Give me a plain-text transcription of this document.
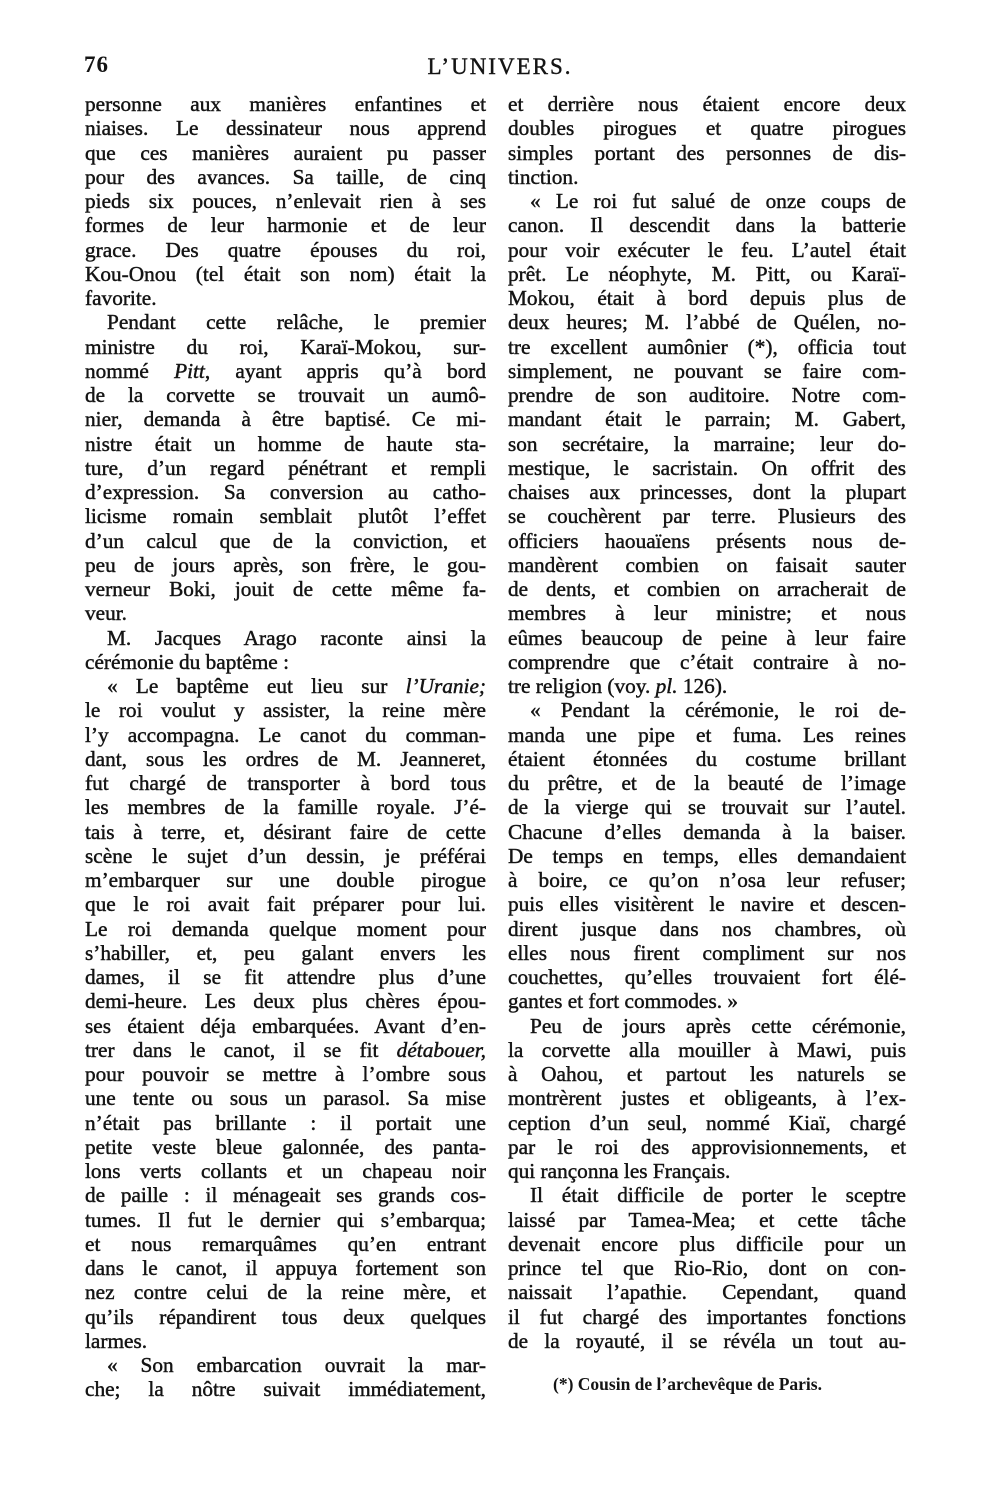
76	L’UNIVERS.
personne aux manières enfantines et
niaises. Le dessinateur nous apprend
que ces manières auraient pu passer
pour des avances. Sa taille, de cinq
pieds six pouces, n’enlevait rien à ses
formes de leur harmonie et de leur
grace. Des quatre épouses du roi,
Kou-Onou (tel était son nom) était la
favorite.
Pendant cette relâche, le premier
ministre du roi, Karaï-Mokou, sur-
nommé Pitt, ayant appris qu’à bord
de la corvette se trouvait un aumô-
nier, demanda à être baptisé. Ce mi-
nistre était un homme de haute sta-
ture, d’un regard pénétrant et rempli
d’expression. Sa conversion au catho-
licisme romain semblait plutôt l’effet
d’un calcul que de la conviction, et
peu de jours après, son frère, le gou-
verneur Boki, jouit de cette même fa-
veur.
M. Jacques Arago raconte ainsi la
cérémonie du baptême :
« Le baptême eut lieu sur l’Uranie;
le roi voulut y assister, la reine mère
l’y accompagna. Le canot du comman-
dant, sous les ordres de M. Jeanneret,
fut chargé de transporter à bord tous
les membres de la famille royale. J’é-
tais à terre, et, désirant faire de cette
scène le sujet d’un dessin, je préférai
m’embarquer sur une double pirogue
que le roi avait fait préparer pour lui.
Le roi demanda quelque moment pour
s’habiller, et, peu galant envers les
dames, il se fit attendre plus d’une
demi-heure. Les deux plus chères épou-
ses étaient déja embarquées. Avant d’en-
trer dans le canot, il se fit détabouer,
pour pouvoir se mettre à l’ombre sous
une tente ou sous un parasol. Sa mise
n’était pas brillante : il portait une
petite veste bleue galonnée, des panta-
lons verts collants et un chapeau noir
de paille : il ménageait ses grands cos-
tumes. Il fut le dernier qui s’embarqua;
et nous remarquâmes qu’en entrant
dans le canot, il appuya fortement son
nez contre celui de la reine mère, et
qu’ils répandirent tous deux quelques
larmes.
« Son embarcation ouvrait la mar-
che; la nôtre suivait immédiatement,
et derrière nous étaient encore deux
doubles pirogues et quatre pirogues
simples portant des personnes de dis-
tinction.
« Le roi fut salué de onze coups de
canon. Il descendit dans la batterie
pour voir exécuter le feu. L’autel était
prêt. Le néophyte, M. Pitt, ou Karaï-
Mokou, était à bord depuis plus de
deux heures; M. l’abbé de Quélen, no-
tre excellent aumônier (*), officia tout
simplement, ne pouvant se faire com-
prendre de son auditoire. Notre com-
mandant était le parrain; M. Gabert,
son secrétaire, la marraine; leur do-
mestique, le sacristain. On offrit des
chaises aux princesses, dont la plupart
se couchèrent par terre. Plusieurs des
officiers haouaïens présents nous de-
mandèrent combien on faisait sauter
de dents, et combien on arracherait de
membres à leur ministre; et nous
eûmes beaucoup de peine à leur faire
comprendre que c’était contraire à no-
tre religion (voy. pl. 126).
« Pendant la cérémonie, le roi de-
manda une pipe et fuma. Les reines
étaient étonnées du costume brillant
du prêtre, et de la beauté de l’image
de la vierge qui se trouvait sur l’autel.
Chacune d’elles demanda à la baiser.
De temps en temps, elles demandaient
à boire, ce qu’on n’osa leur refuser;
puis elles visitèrent le navire et descen-
dirent jusque dans nos chambres, où
elles nous firent compliment sur nos
couchettes, qu’elles trouvaient fort élé-
gantes et fort commodes. »
Peu de jours après cette cérémonie,
la corvette alla mouiller à Mawi, puis
à Oahou, et partout les naturels se
montrèrent justes et obligeants, à l’ex-
ception d’un seul, nommé Kiaï, chargé
par le roi des approvisionnements, et
qui rançonna les Français.
Il était difficile de porter le sceptre
laissé par Tamea-Mea; et cette tâche
devenait encore plus difficile pour un
prince tel que Rio-Rio, dont on con-
naissait l’apathie. Cependant, quand
il fut chargé des importantes fonctions
de la royauté, il se révéla un tout au-
(*) Cousin de l’archevêque de Paris.
